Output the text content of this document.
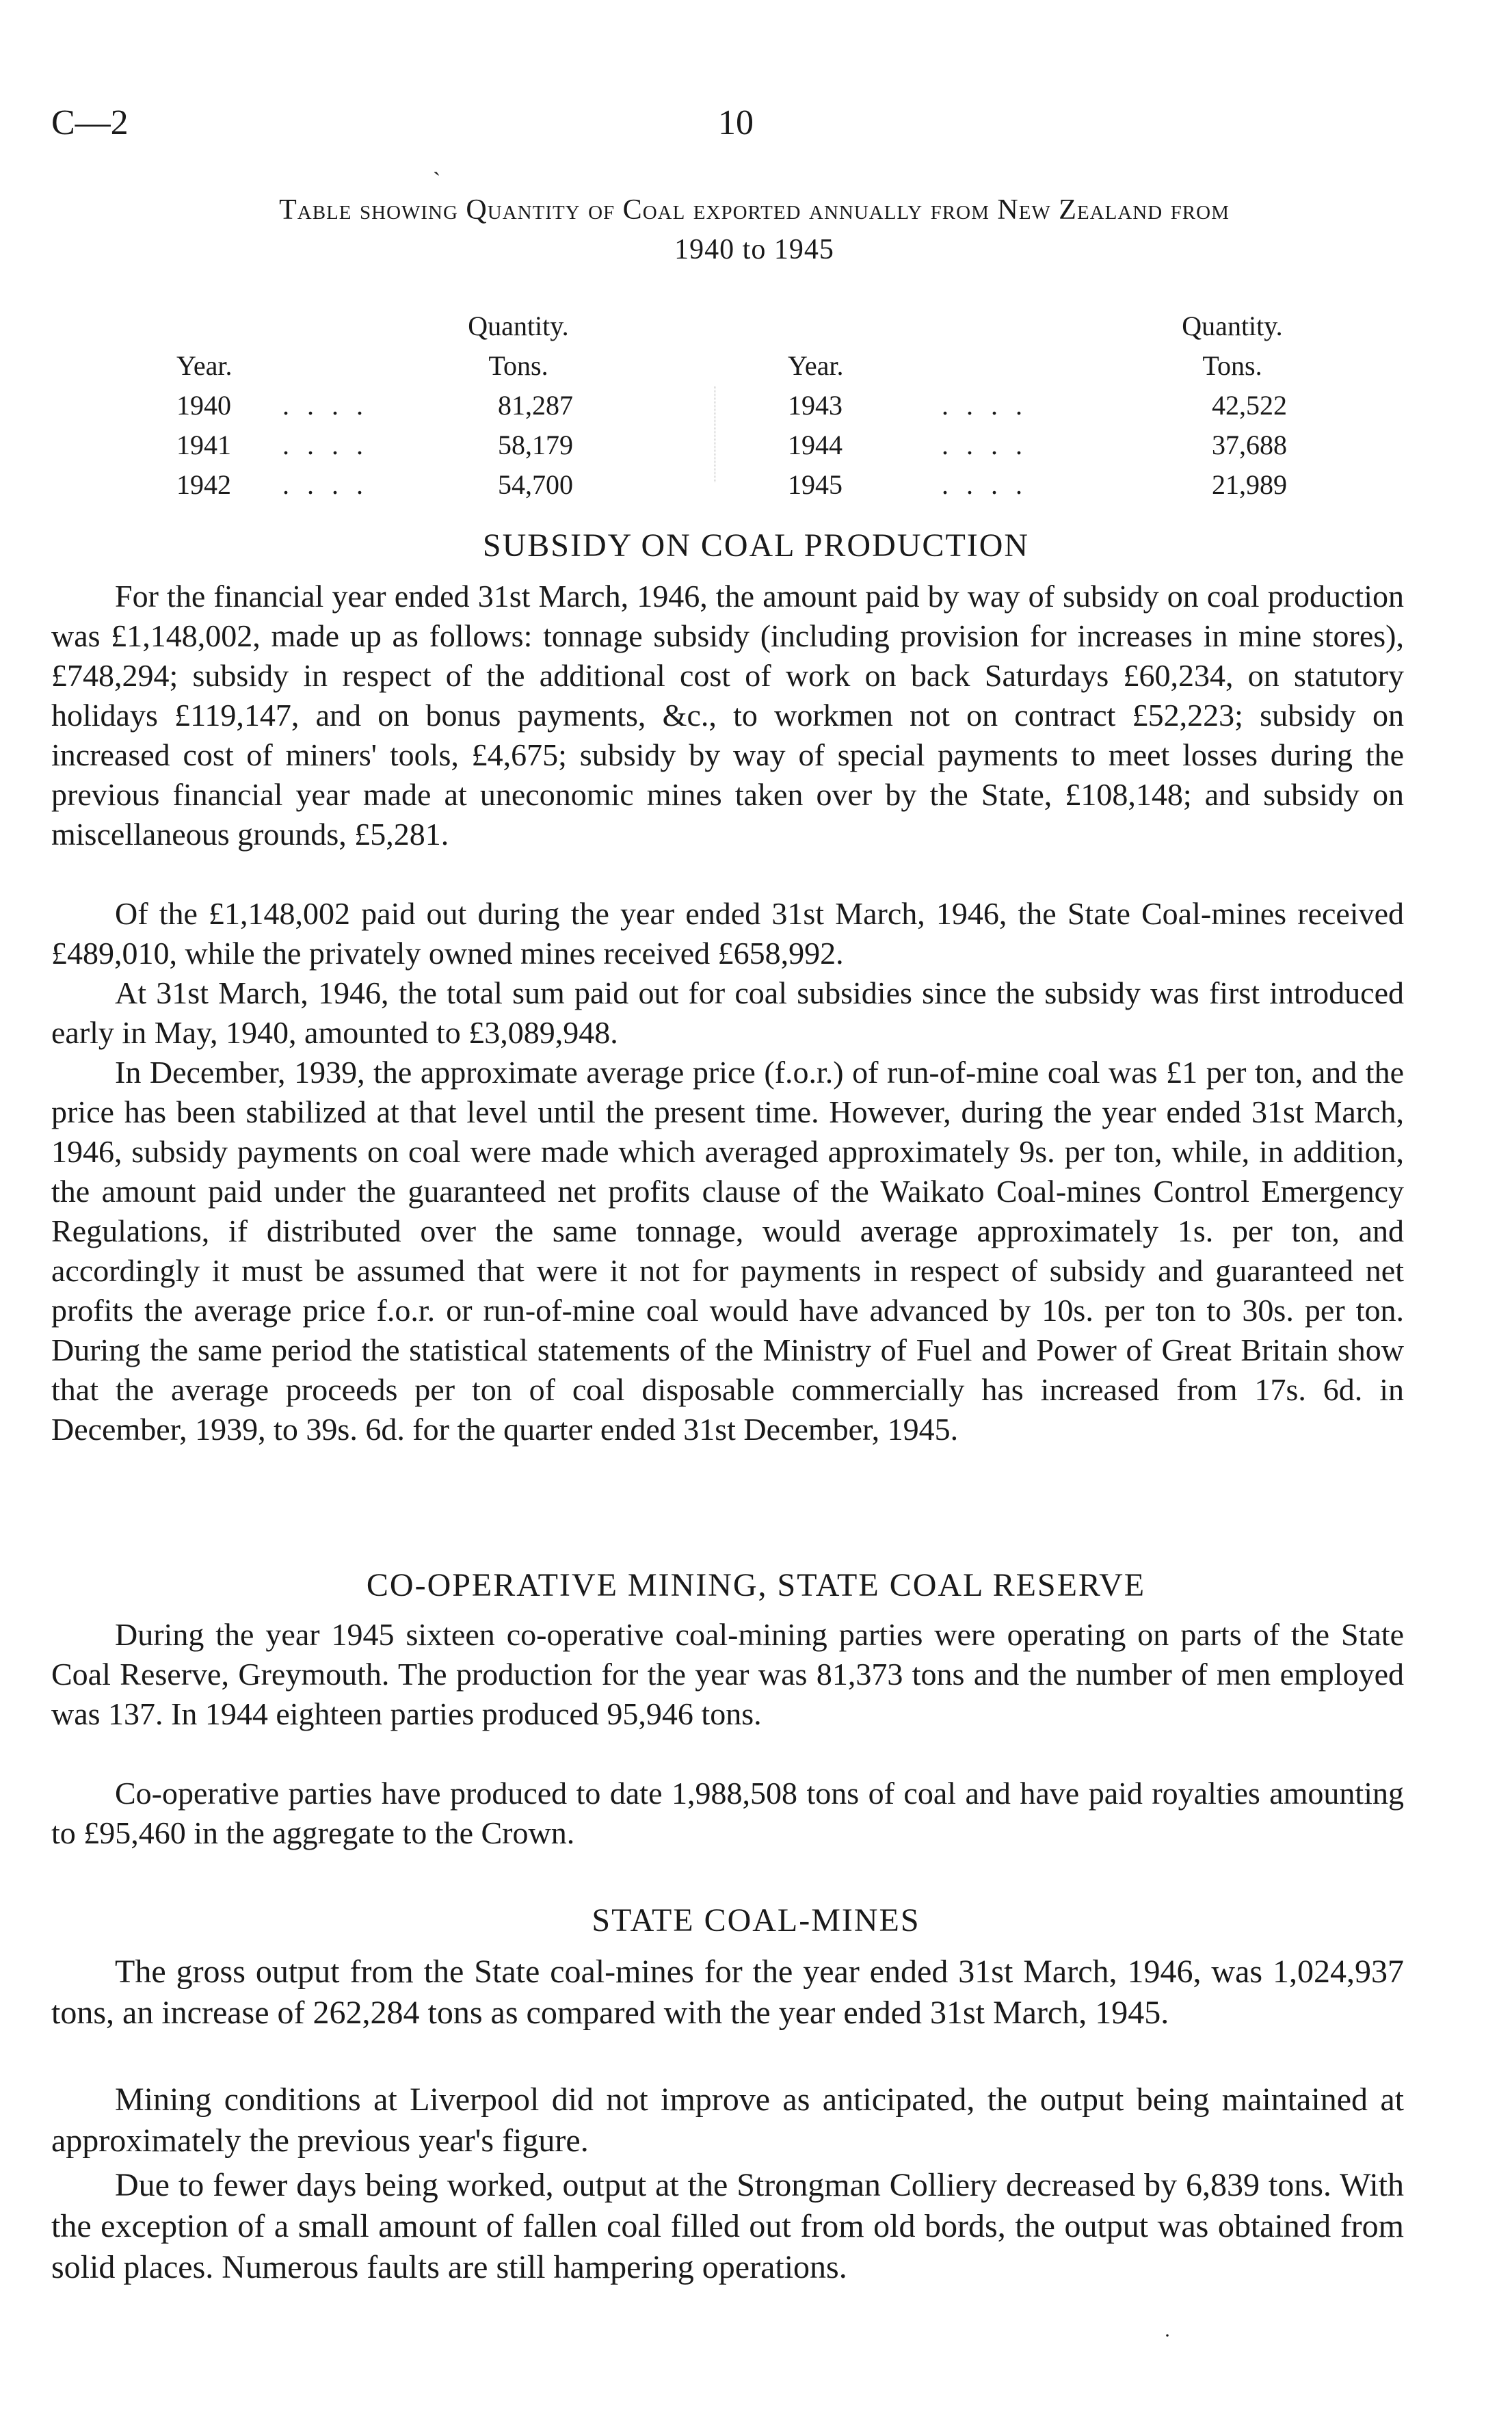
C—2	10
ˏ
Table showing Quantity of Coal exported annually from New Zealand from
1940 to 1945
Quantity.
Year.	Tons.
1940 . . . .	81,287
1941 . . . .	58,179
1942 . . . .	54,700
Quantity.
Year.	Tons.
1943	. . . .	42,522
1944	. . . .	37,688
1945	. . . .	21,989
SUBSIDY ON COAL PRODUCTION

For the financial year ended 31st March, 1946, the amount paid by way of subsidy on coal production was £1,148,002, made up as follows: tonnage subsidy (including provision for increases in mine stores), £748,294; subsidy in respect of the additional cost of work on back Saturdays £60,234, on statutory holidays £119,147, and on bonus payments, &c., to workmen not on contract £52,223; subsidy on increased cost of miners' tools, £4,675; subsidy by way of special payments to meet losses during the previous financial year made at uneconomic mines taken over by the State, £108,148; and subsidy on miscellaneous grounds, £5,281.

Of the £1,148,002 paid out during the year ended 31st March, 1946, the State Coal-mines received £489,010, while the privately owned mines received £658,992.

At 31st March, 1946, the total sum paid out for coal subsidies since the subsidy was first introduced early in May, 1940, amounted to £3,089,948.

In December, 1939, the approximate average price (f.o.r.) of run-of-mine coal was £1 per ton, and the price has been stabilized at that level until the present time. However, during the year ended 31st March, 1946, subsidy payments on coal were made which averaged approximately 9s. per ton, while, in addition, the amount paid under the guaranteed net profits clause of the Waikato Coal-mines Control Emergency Regulations, if distributed over the same tonnage, would average approximately 1s. per ton, and accordingly it must be assumed that were it not for payments in respect of subsidy and guaranteed net profits the average price f.o.r. or run-of-mine coal would have advanced by 10s. per ton to 30s. per ton. During the same period the statistical statements of the Ministry of Fuel and Power of Great Britain show that the average proceeds per ton of coal disposable commercially has increased from 17s. 6d. in December, 1939, to 39s. 6d. for the quarter ended 31st December, 1945.

CO-OPERATIVE MINING, STATE COAL RESERVE

During the year 1945 sixteen co-operative coal-mining parties were operating on parts of the State Coal Reserve, Greymouth. The production for the year was 81,373 tons and the number of men employed was 137. In 1944 eighteen parties produced 95,946 tons.

Co-operative parties have produced to date 1,988,508 tons of coal and have paid royalties amounting to £95,460 in the aggregate to the Crown.

STATE COAL-MINES

The gross output from the State coal-mines for the year ended 31st March, 1946, was 1,024,937 tons, an increase of 262,284 tons as compared with the year ended 31st March, 1945.

Mining conditions at Liverpool did not improve as anticipated, the output being maintained at approximately the previous year's figure.

Due to fewer days being worked, output at the Strongman Colliery decreased by 6,839 tons. With the exception of a small amount of fallen coal filled out from old bords, the output was obtained from solid places. Numerous faults are still hampering operations.

·
